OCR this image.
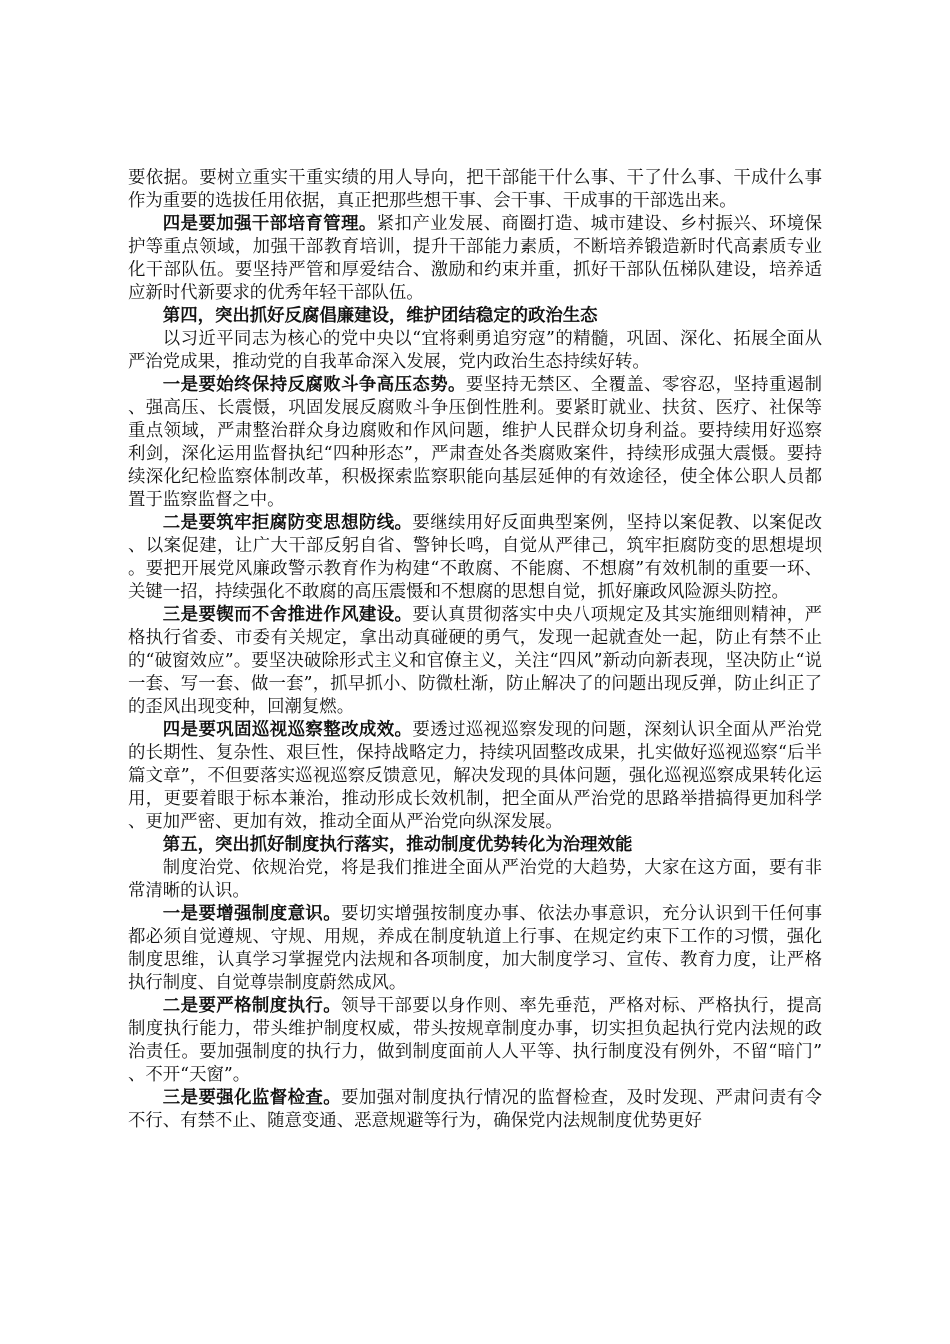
要依据。要树立重实干重实绩的用人导向，把干部能干什么事、干了什么事、干成什么事作为重要的选拔任用依据，真正把那些想干事、会干事、干成事的干部选出来。

四是要加强干部培育管理。紧扣产业发展、商圈打造、城市建设、乡村振兴、环境保护等重点领域，加强干部教育培训，提升干部能力素质，不断培养锻造新时代高素质专业化干部队伍。要坚持严管和厚爱结合、激励和约束并重，抓好干部队伍梯队建设，培养适应新时代新要求的优秀年轻干部队伍。

第四，突出抓好反腐倡廉建设，维护团结稳定的政治生态

以习近平同志为核心的党中央以“宜将剩勇追穷寇”的精髓，巩固、深化、拓展全面从严治党成果，推动党的自我革命深入发展，党内政治生态持续好转。

一是要始终保持反腐败斗争高压态势。要坚持无禁区、全覆盖、零容忍，坚持重遏制、强高压、长震慑，巩固发展反腐败斗争压倒性胜利。要紧盯就业、扶贫、医疗、社保等重点领域，严肃整治群众身边腐败和作风问题，维护人民群众切身利益。要持续用好巡察利剑，深化运用监督执纪“四种形态”，严肃查处各类腐败案件，持续形成强大震慑。要持续深化纪检监察体制改革，积极探索监察职能向基层延伸的有效途径，使全体公职人员都置于监察监督之中。

二是要筑牢拒腐防变思想防线。要继续用好反面典型案例，坚持以案促教、以案促改、以案促建，让广大干部反躬自省、警钟长鸣，自觉从严律己，筑牢拒腐防变的思想堤坝。要把开展党风廉政警示教育作为构建“不敢腐、不能腐、不想腐”有效机制的重要一环、关键一招，持续强化不敢腐的高压震慑和不想腐的思想自觉，抓好廉政风险源头防控。

三是要锲而不舍推进作风建设。要认真贯彻落实中央八项规定及其实施细则精神，严格执行省委、市委有关规定，拿出动真碰硬的勇气，发现一起就查处一起，防止有禁不止的“破窗效应”。要坚决破除形式主义和官僚主义，关注“四风”新动向新表现，坚决防止“说一套、写一套、做一套”，抓早抓小、防微杜渐，防止解决了的问题出现反弹，防止纠正了的歪风出现变种，回潮复燃。

四是要巩固巡视巡察整改成效。要透过巡视巡察发现的问题，深刻认识全面从严治党的长期性、复杂性、艰巨性，保持战略定力，持续巩固整改成果，扎实做好巡视巡察“后半篇文章”，不但要落实巡视巡察反馈意见，解决发现的具体问题，强化巡视巡察成果转化运用，更要着眼于标本兼治，推动形成长效机制，把全面从严治党的思路举措搞得更加科学、更加严密、更加有效，推动全面从严治党向纵深发展。

第五，突出抓好制度执行落实，推动制度优势转化为治理效能

制度治党、依规治党，将是我们推进全面从严治党的大趋势，大家在这方面，要有非常清晰的认识。

一是要增强制度意识。要切实增强按制度办事、依法办事意识，充分认识到干任何事都必须自觉遵规、守规、用规，养成在制度轨道上行事、在规定约束下工作的习惯，强化制度思维，认真学习掌握党内法规和各项制度，加大制度学习、宣传、教育力度，让严格执行制度、自觉尊崇制度蔚然成风。

二是要严格制度执行。领导干部要以身作则、率先垂范，严格对标、严格执行，提高制度执行能力，带头维护制度权威，带头按规章制度办事，切实担负起执行党内法规的政治责任。要加强制度的执行力，做到制度面前人人平等、执行制度没有例外，不留“暗门”、不开“天窗”。

三是要强化监督检查。要加强对制度执行情况的监督检查，及时发现、严肃问责有令不行、有禁不止、随意变通、恶意规避等行为，确保党内法规制度优势更好
